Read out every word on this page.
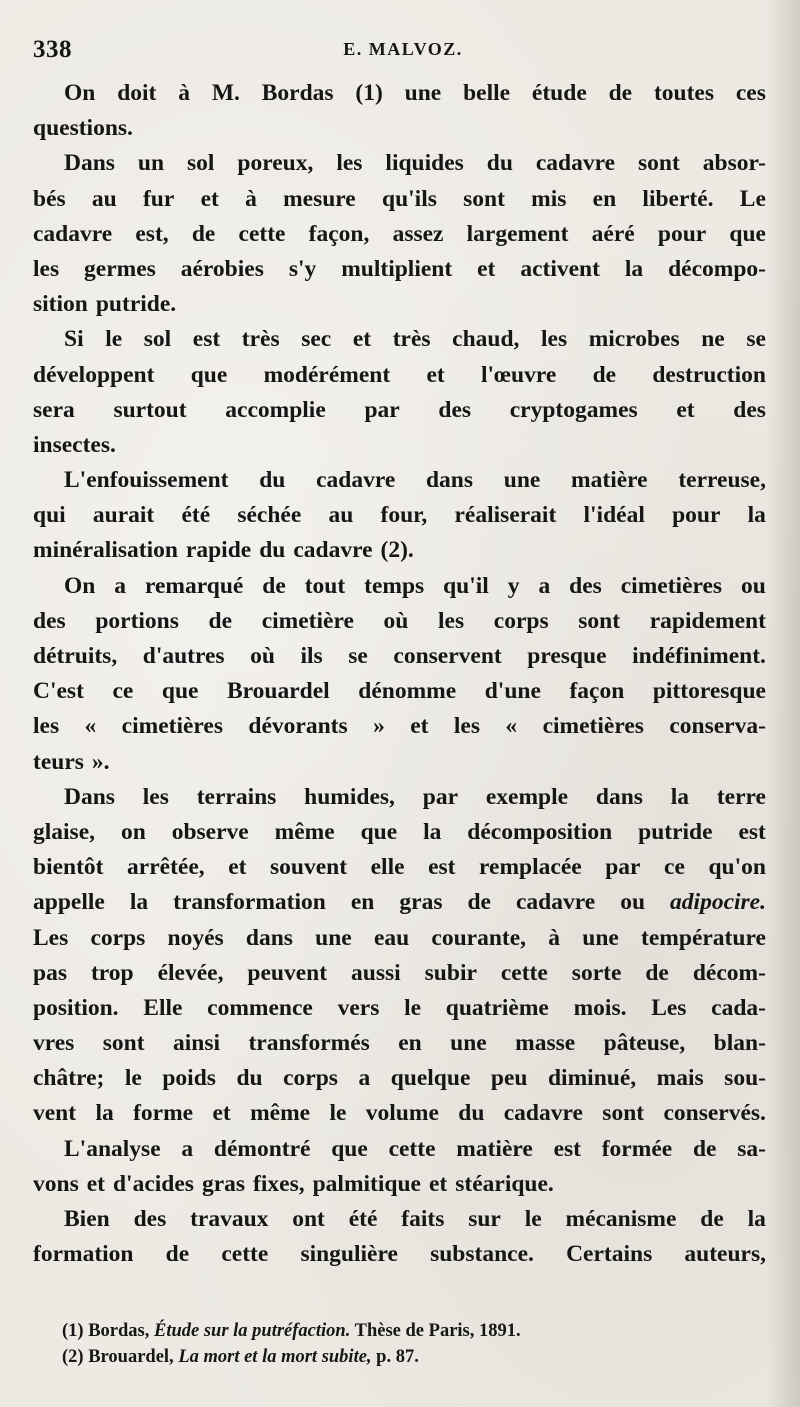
338	E. MALVOZ.
On doit à M. Bordas (1) une belle étude de toutes ces
questions.
Dans un sol poreux, les liquides du cadavre sont absor-
bés au fur et à mesure qu'ils sont mis en liberté. Le
cadavre est, de cette façon, assez largement aéré pour que
les germes aérobies s'y multiplient et activent la décompo-
sition putride.
Si le sol est très sec et très chaud, les microbes ne se
développent que modérément et l'œuvre de destruction
sera surtout accomplie par des cryptogames et des
insectes.
L'enfouissement du cadavre dans une matière terreuse,
qui aurait été séchée au four, réaliserait l'idéal pour la
minéralisation rapide du cadavre (2).
On a remarqué de tout temps qu'il y a des cimetières ou
des portions de cimetière où les corps sont rapidement
détruits, d'autres où ils se conservent presque indéfiniment.
C'est ce que Brouardel dénomme d'une façon pittoresque
les « cimetières dévorants » et les « cimetières conserva-
teurs ».
Dans les terrains humides, par exemple dans la terre
glaise, on observe même que la décomposition putride est
bientôt arrêtée, et souvent elle est remplacée par ce qu'on
appelle la transformation en gras de cadavre ou adipocire.
Les corps noyés dans une eau courante, à une température
pas trop élevée, peuvent aussi subir cette sorte de décom-
position. Elle commence vers le quatrième mois. Les cada-
vres sont ainsi transformés en une masse pâteuse, blan-
châtre; le poids du corps a quelque peu diminué, mais sou-
vent la forme et même le volume du cadavre sont conservés.
L'analyse a démontré que cette matière est formée de sa-
vons et d'acides gras fixes, palmitique et stéarique.
Bien des travaux ont été faits sur le mécanisme de la
formation de cette singulière substance. Certains auteurs,
(1) Bordas, Étude sur la putréfaction. Thèse de Paris, 1891.
(2) Brouardel, La mort et la mort subite, p. 87.
